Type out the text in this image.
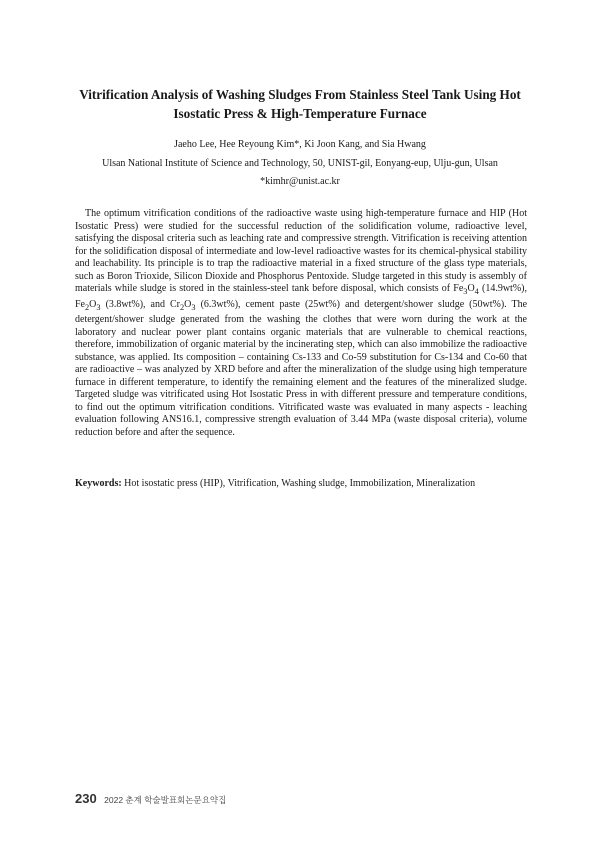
Vitrification Analysis of Washing Sludges From Stainless Steel Tank Using Hot Isostatic Press & High-Temperature Furnace
Jaeho Lee, Hee Reyoung Kim*, Ki Joon Kang, and Sia Hwang
Ulsan National Institute of Science and Technology, 50, UNIST-gil, Eonyang-eup, Ulju-gun, Ulsan
*kimhr@unist.ac.kr

The optimum vitrification conditions of the radioactive waste using high-temperature furnace and HIP (Hot Isostatic Press) were studied for the successful reduction of the solidification volume, radioactive level, satisfying the disposal criteria such as leaching rate and compressive strength. Vitrification is receiving attention for the solidification disposal of intermediate and low-level radioactive wastes for its chemical-physical stability and leachability. Its principle is to trap the radioactive material in a fixed structure of the glass type materials, such as Boron Trioxide, Silicon Dioxide and Phosphorus Pentoxide. Sludge targeted in this study is assembly of materials while sludge is stored in the stainless-steel tank before disposal, which consists of $Fe_3O_4$ (14.9wt%), $Fe_2O_3$ (3.8wt%), and $Cr_2O_3$ (6.3wt%), cement paste (25wt%) and detergent/shower sludge (50wt%). The detergent/shower sludge generated from the washing the clothes that were worn during the work at the laboratory and nuclear power plant contains organic materials that are vulnerable to chemical reactions, therefore, immobilization of organic material by the incinerating step, which can also immobilize the radioactive substance, was applied. Its composition – containing Cs-133 and Co-59 substitution for Cs-134 and Co-60 that are radioactive – was analyzed by XRD before and after the mineralization of the sludge using high temperature furnace in different temperature, to identify the remaining element and the features of the mineralized sludge. Targeted sludge was vitrificated using Hot Isostatic Press in with different pressure and temperature conditions, to find out the optimum vitrification conditions. Vitrificated waste was evaluated in many aspects - leaching evaluation following ANS16.1, compressive strength evaluation of 3.44 MPa (waste disposal criteria), volume reduction before and after the sequence.

Keywords: Hot isostatic press (HIP), Vitrification, Washing sludge, Immobilization, Mineralization
230 2022 춘계 학술발표회논문요약집
